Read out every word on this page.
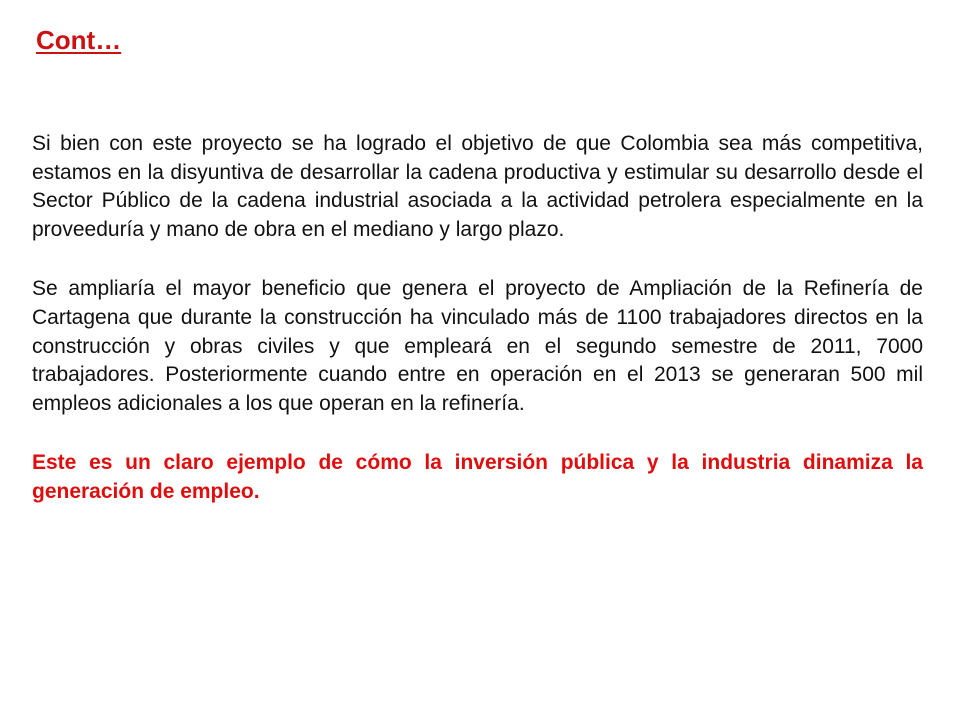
Cont…

Si bien con este proyecto se ha logrado el objetivo de que Colombia sea más competitiva, estamos en la disyuntiva de desarrollar la cadena productiva y estimular su desarrollo desde el Sector Público de la cadena industrial asociada a la actividad petrolera especialmente en la proveeduría y mano de obra en el mediano y largo plazo.

Se ampliaría el mayor beneficio que genera el proyecto de Ampliación de la Refinería de Cartagena que durante la construcción ha vinculado más de 1100 trabajadores directos en la construcción y obras civiles y que empleará en el segundo semestre de 2011, 7000 trabajadores. Posteriormente cuando entre en operación en el 2013 se generaran 500 mil empleos adicionales a los que operan en la refinería.

Este es un claro ejemplo de cómo la inversión pública y la industria dinamiza la generación de empleo.
